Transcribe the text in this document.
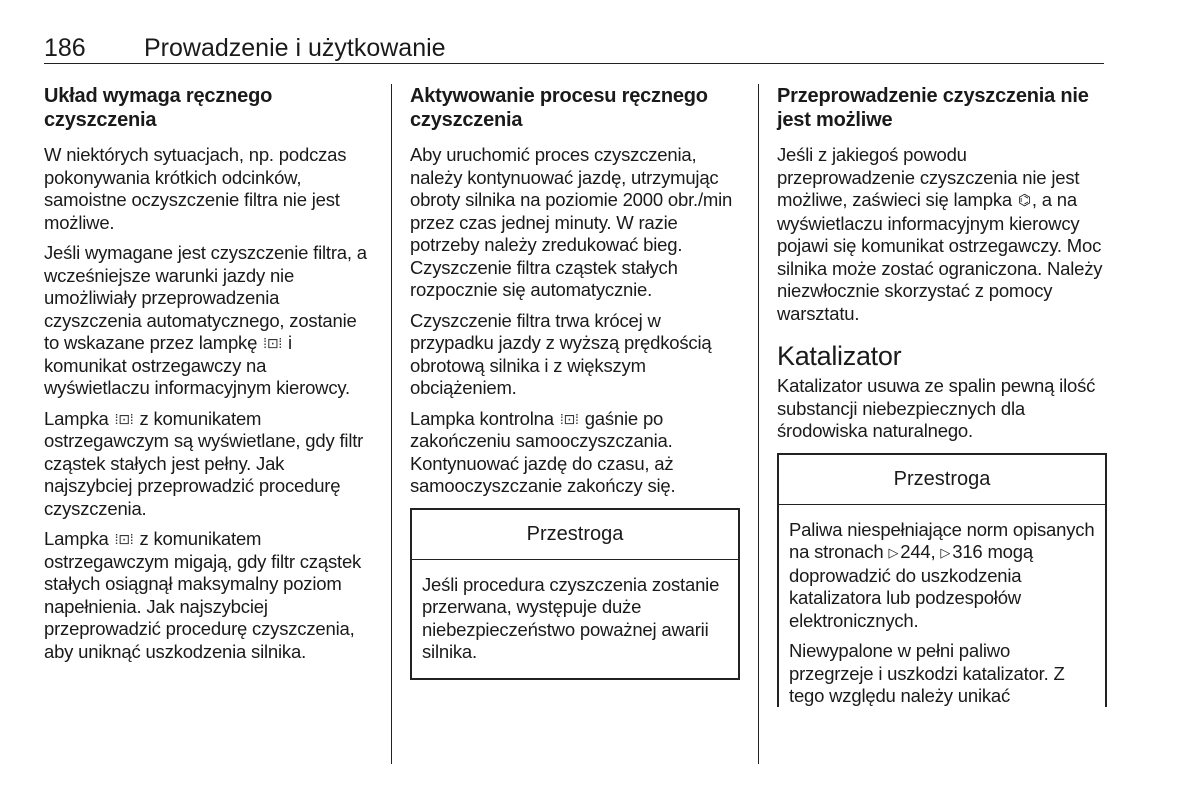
186 Prowadzenie i użytkowanie
Układ wymaga ręcznego czyszczenia

W niektórych sytuacjach, np. podczas pokonywania krótkich odcinków, samoistne oczyszczenie filtra nie jest możliwe.

Jeśli wymagane jest czyszczenie filtra, a wcześniejsze warunki jazdy nie umożliwiały przeprowadzenia czyszczenia automatycznego, zostanie to wskazane przez lampkę ⁞⊡⁞ i komunikat ostrzegawczy na wyświetlaczu informacyjnym kierowcy.

Lampka ⁞⊡⁞ z komunikatem ostrzegawczym są wyświetlane, gdy filtr cząstek stałych jest pełny. Jak najszybciej przeprowadzić procedurę czyszczenia.

Lampka ⁞⊡⁞ z komunikatem ostrzegawczym migają, gdy filtr cząstek stałych osiągnął maksymalny poziom napełnienia. Jak najszybciej przeprowadzić procedurę czyszczenia, aby uniknąć uszkodzenia silnika.

Aktywowanie procesu ręcznego czyszczenia

Aby uruchomić proces czyszczenia, należy kontynuować jazdę, utrzymując obroty silnika na poziomie 2000 obr./min przez czas jednej minuty. W razie potrzeby należy zredukować bieg. Czyszczenie filtra cząstek stałych rozpocznie się automatycznie.

Czyszczenie filtra trwa krócej w przypadku jazdy z wyższą prędkością obrotową silnika i z większym obciążeniem.

Lampka kontrolna ⁞⊡⁞ gaśnie po zakończeniu samooczyszczania. Kontynuować jazdę do czasu, aż samooczyszczanie zakończy się.

Przestroga

Jeśli procedura czyszczenia zostanie przerwana, występuje duże niebezpieczeństwo poważnej awarii silnika.

Przeprowadzenie czyszczenia nie jest możliwe

Jeśli z jakiegoś powodu przeprowadzenie czyszczenia nie jest możliwe, zaświeci się lampka ⌬, a na wyświetlaczu informacyjnym kierowcy pojawi się komunikat ostrzegawczy. Moc silnika może zostać ograniczona. Należy niezwłocznie skorzystać z pomocy warsztatu.

Katalizator

Katalizator usuwa ze spalin pewną ilość substancji niebezpiecznych dla środowiska naturalnego.

Przestroga

Paliwa niespełniające norm opisanych na stronach ▷ 244, ▷ 316 mogą doprowadzić do uszkodzenia katalizatora lub podzespołów elektronicznych.

Niewypalone w pełni paliwo przegrzeje i uszkodzi katalizator. Z tego względu należy unikać
